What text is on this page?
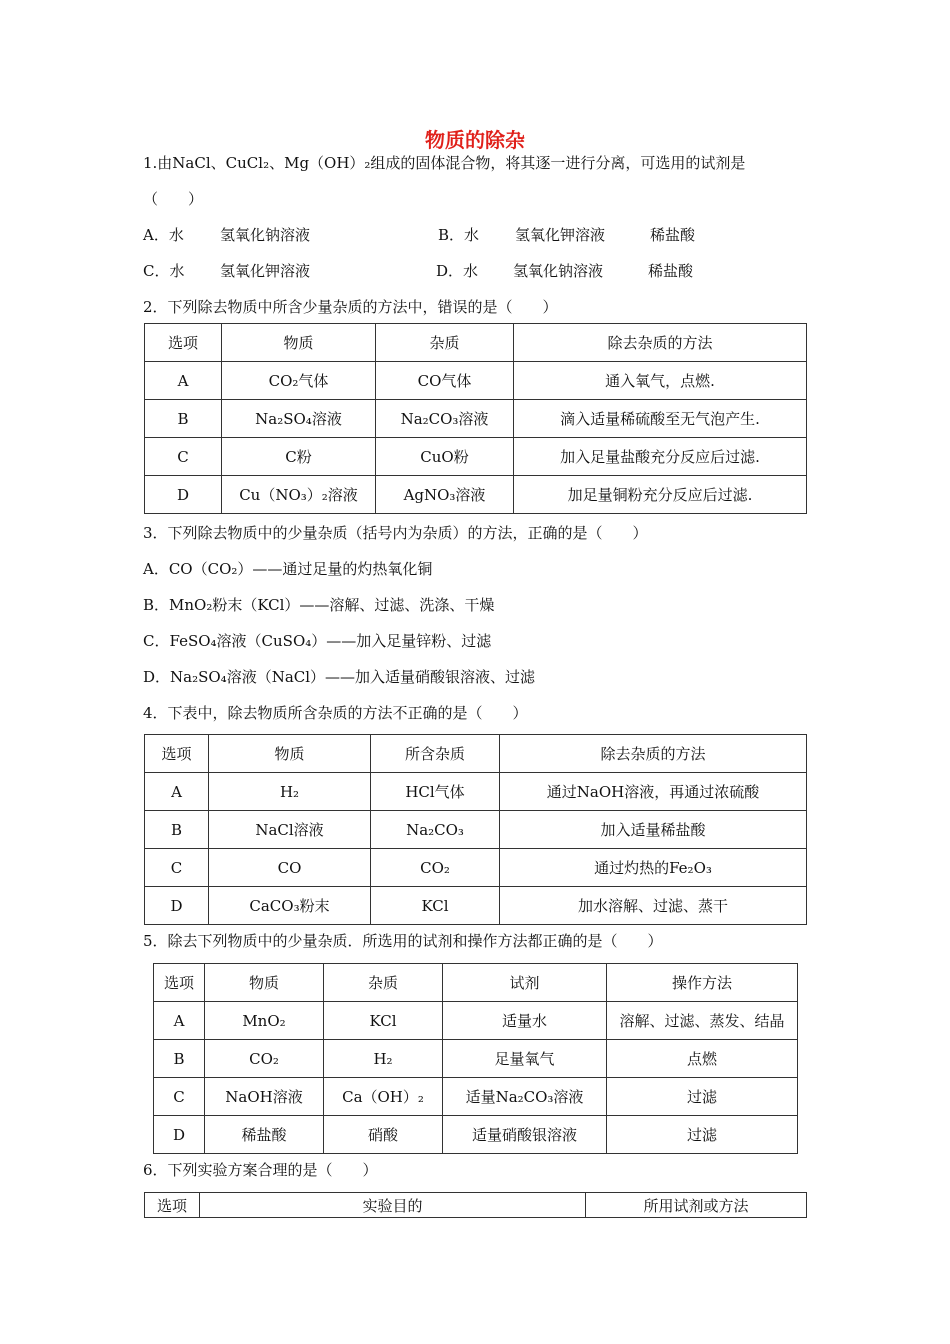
物质的除杂
1.由NaCl、CuCl₂、Mg（OH）₂组成的固体混合物，将其逐一进行分离，可选用的试剂是
（　　）
A．水 氢氧化钠溶液	B．水 氢氧化钾溶液	稀盐酸
C．水 氢氧化钾溶液	D．水 氢氧化钠溶液	稀盐酸
2．下列除去物质中所含少量杂质的方法中，错误的是（　　）
选项	物质	杂质	除去杂质的方法
A	CO₂气体	CO气体	通入氧气，点燃.
B	Na₂SO₄溶液	Na₂CO₃溶液	滴入适量稀硫酸至无气泡产生.
C	C粉	CuO粉	加入足量盐酸充分反应后过滤.
D	Cu（NO₃）₂溶液	AgNO₃溶液	加足量铜粉充分反应后过滤.
3．下列除去物质中的少量杂质（括号内为杂质）的方法，正确的是（　　）
A．CO（CO₂）——通过足量的灼热氧化铜
B．MnO₂粉末（KCl）——溶解、过滤、洗涤、干燥
C．FeSO₄溶液（CuSO₄）——加入足量锌粉、过滤
D．Na₂SO₄溶液（NaCl）——加入适量硝酸银溶液、过滤
4．下表中，除去物质所含杂质的方法不正确的是（　　）
选项	物质	所含杂质	除去杂质的方法
A	H₂	HCl气体	通过NaOH溶液，再通过浓硫酸
B	NaCl溶液	Na₂CO₃	加入适量稀盐酸
C	CO	CO₂	通过灼热的Fe₂O₃
D	CaCO₃粉末	KCl	加水溶解、过滤、蒸干
5．除去下列物质中的少量杂质．所选用的试剂和操作方法都正确的是（　　）
选项	物质	杂质	试剂	操作方法
A	MnO₂	KCl	适量水	溶解、过滤、蒸发、结晶
B	CO₂	H₂	足量氧气	点燃
C	NaOH溶液	Ca（OH）₂	适量Na₂CO₃溶液	过滤
D	稀盐酸	硝酸	适量硝酸银溶液	过滤
6．下列实验方案合理的是（　　）
选项	实验目的	所用试剂或方法
